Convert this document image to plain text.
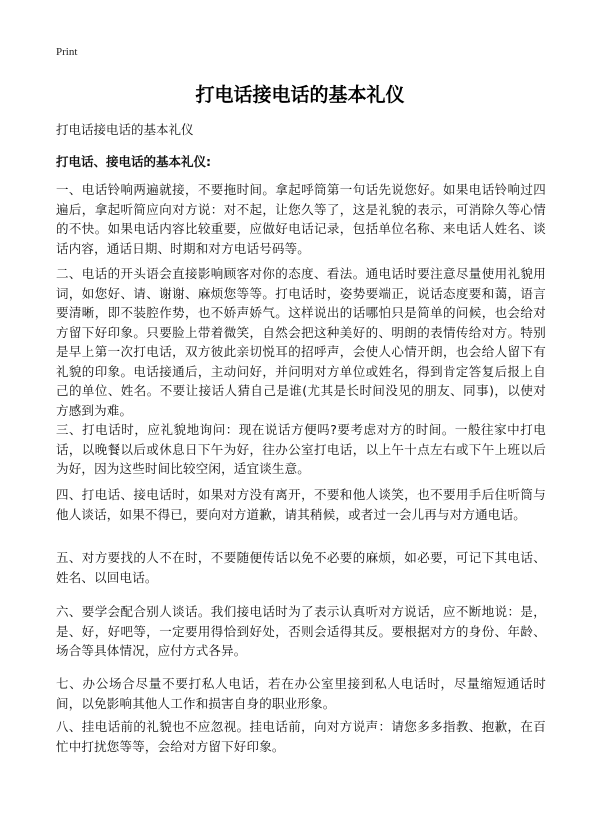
Print
打电话接电话的基本礼仪

打电话接电话的基本礼仪

打电话、接电话的基本礼仪:

一、电话铃响两遍就接，不要拖时间。拿起呼筒第一句话先说您好。如果电话铃响过四遍后，拿起听简应向对方说：对不起，让您久等了，这是礼貌的表示，可消除久等心情的不快。如果电话内容比较重要，应做好电话记录，包括单位名称、来电话人姓名、谈话内容，通话日期、时期和对方电话号码等。

二、电话的开头语会直接影响顾客对你的态度、看法。通电话时要注意尽量使用礼貌用词，如您好、请、谢谢、麻烦您等等。打电话时，姿势要端正，说话态度要和蔼，语言要清晰，即不装腔作势，也不娇声娇气。这样说出的话哪怕只是简单的问候，也会给对方留下好印象。只要脸上带着微笑，自然会把这种美好的、明朗的表情传给对方。特别是早上第一次打电话，双方彼此亲切悦耳的招呼声，会使人心情开朗，也会给人留下有礼貌的印象。电话接通后，主动问好，并问明对方单位或姓名，得到肯定答复后报上自己的单位、姓名。不要让接话人猜自己是谁(尤其是长时间没见的朋友、同事)，以使对方感到为难。

三、打电话时，应礼貌地询问：现在说话方便吗?要考虑对方的时间。一般往家中打电话，以晚餐以后或休息日下午为好，往办公室打电话，以上午十点左右或下午上班以后为好，因为这些时间比较空闲，适宜谈生意。

四、打电话、接电话时，如果对方没有离开，不要和他人谈笑，也不要用手后住听筒与他人谈话，如果不得已，要向对方道歉，请其稍候，或者过一会儿再与对方通电话。

五、对方要找的人不在时，不要随便传话以免不必要的麻烦，如必要，可记下其电话、姓名、以回电话。

六、要学会配合别人谈话。我们接电话时为了表示认真听对方说话，应不断地说：是，是、好，好吧等，一定要用得恰到好处，否则会适得其反。要根据对方的身份、年龄、场合等具体情况，应付方式各异。

七、办公场合尽量不要打私人电话，若在办公室里接到私人电话时，尽量缩短通话时间，以免影响其他人工作和损害自身的职业形象。

八、挂电话前的礼貌也不应忽视。挂电话前，向对方说声：请您多多指教、抱歉，在百忙中打扰您等等，会给对方留下好印象。
